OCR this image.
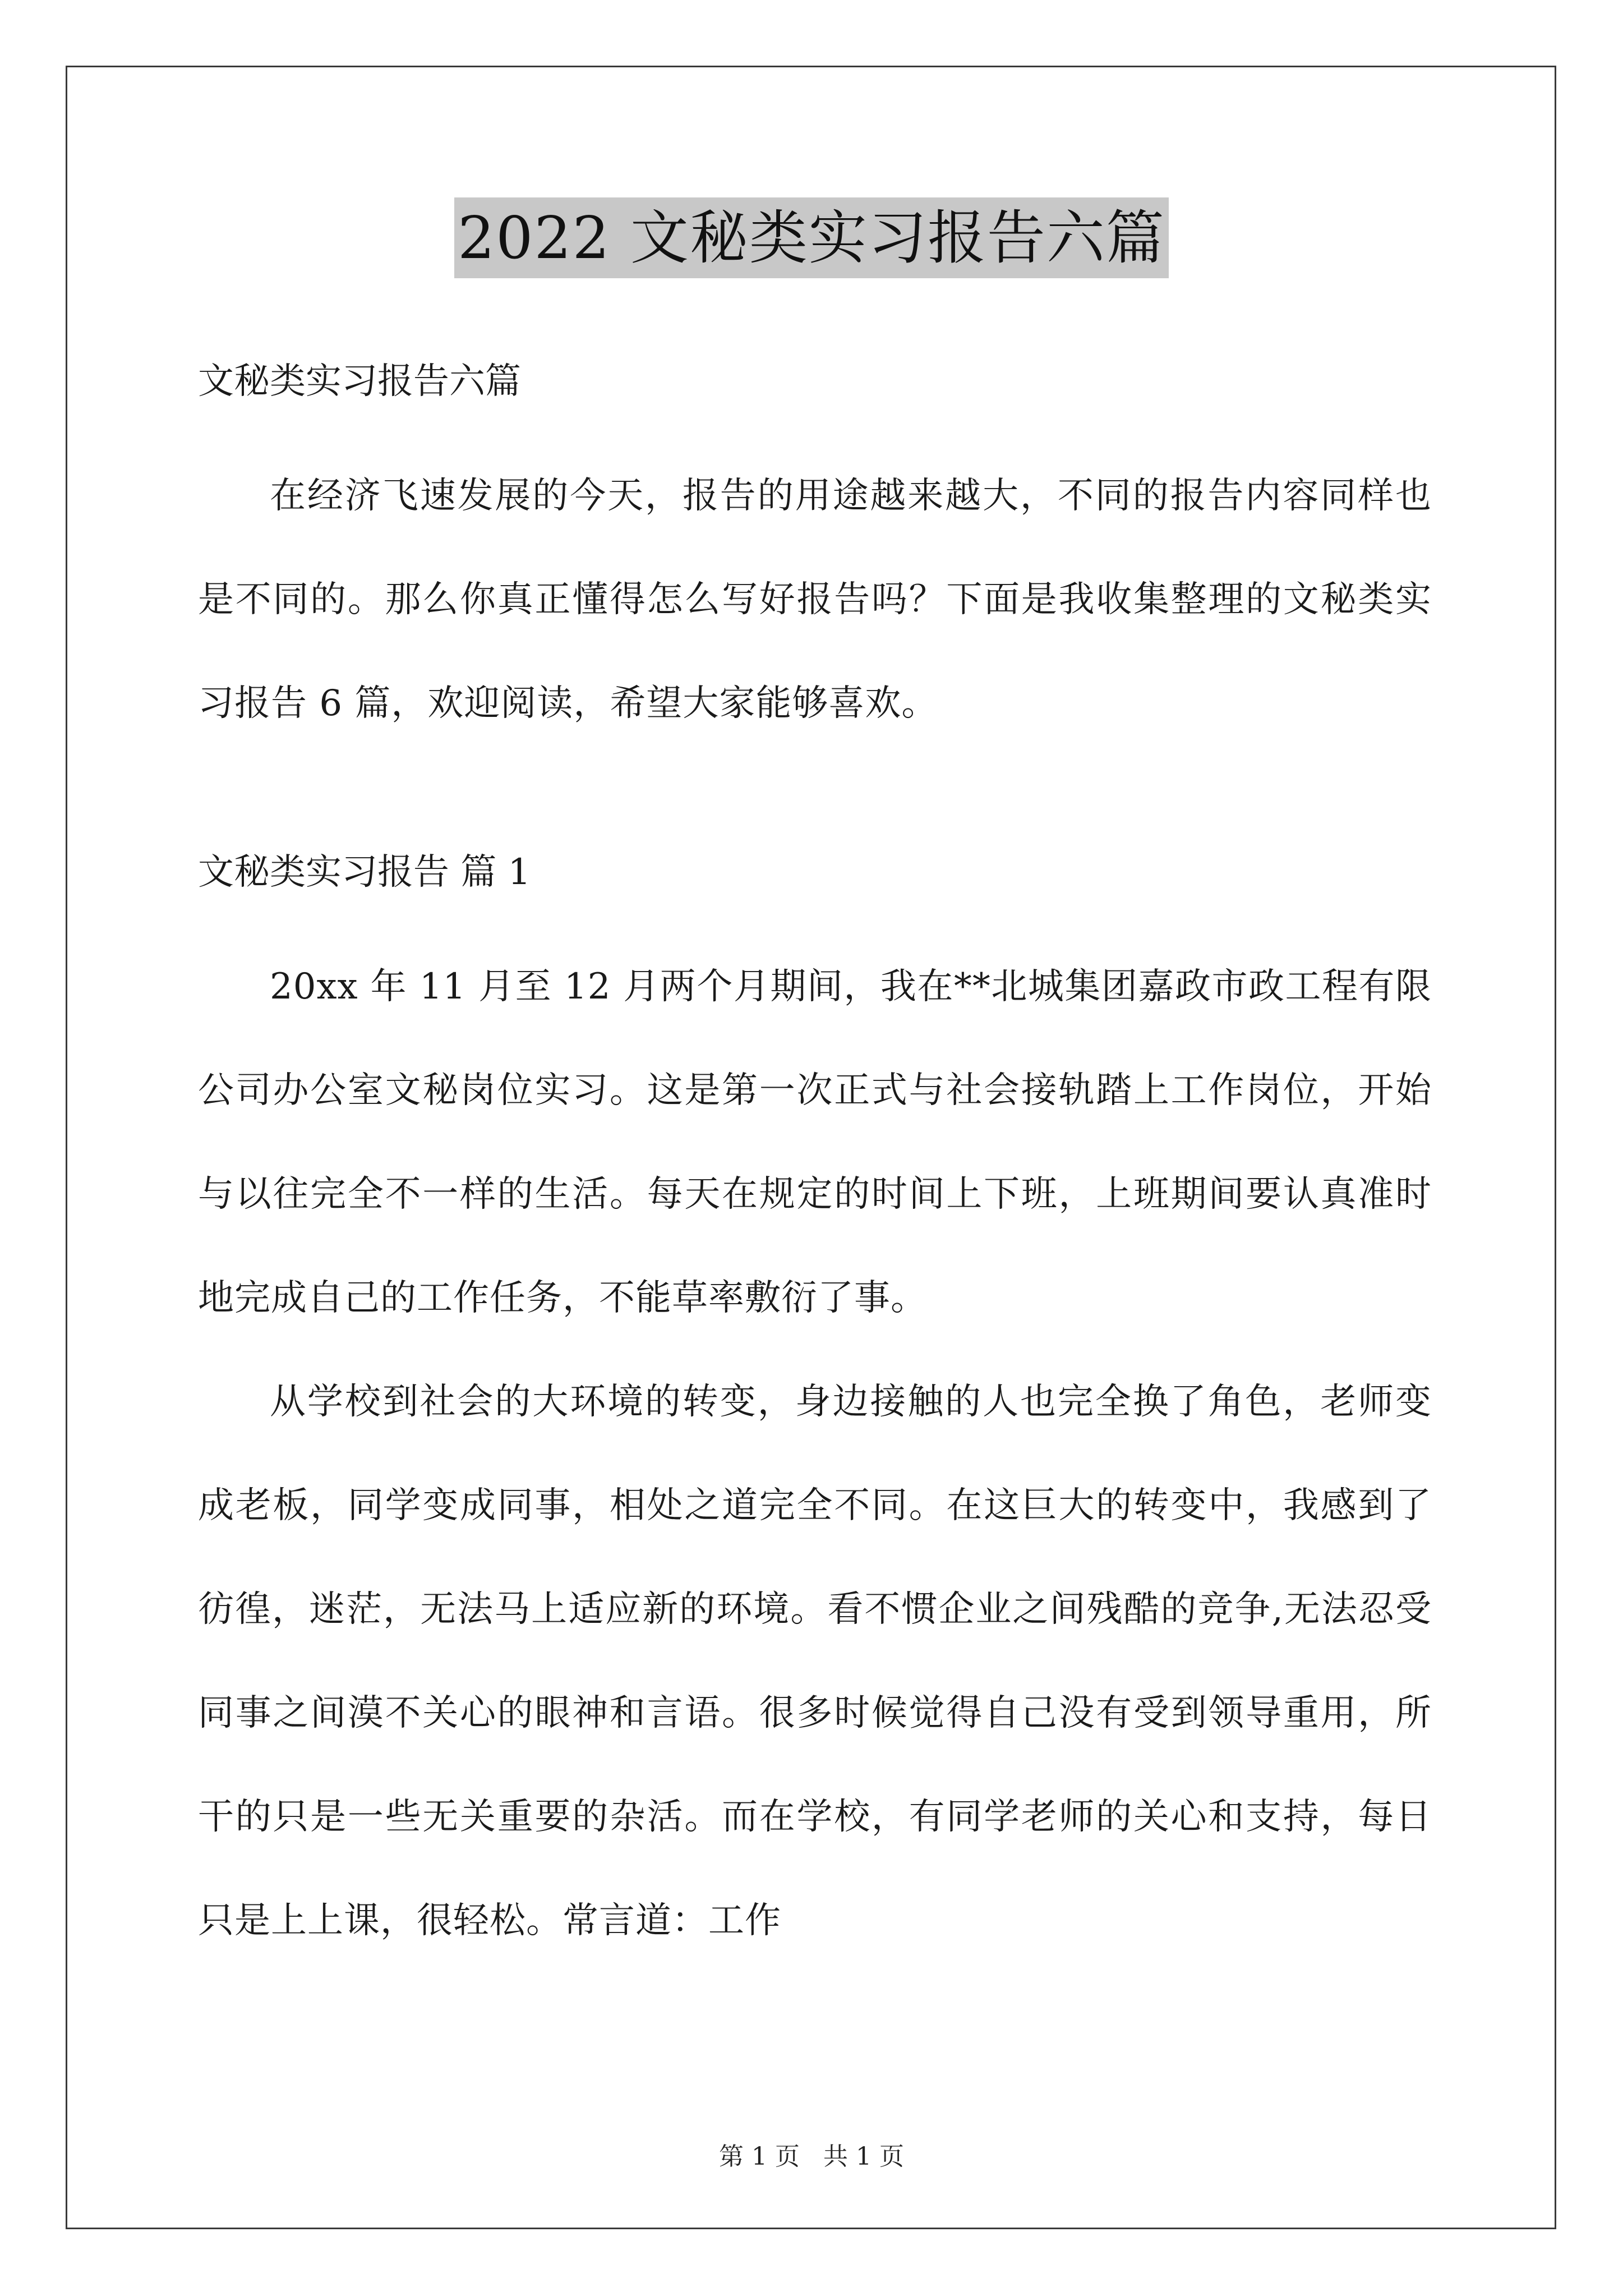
2022 文秘类实习报告六篇

文秘类实习报告六篇

在经济飞速发展的今天，报告的用途越来越大，不同的报告内容同样也是不同的。那么你真正懂得怎么写好报告吗？下面是我收集整理的文秘类实习报告 6 篇，欢迎阅读，希望大家能够喜欢。

文秘类实习报告 篇 1

20xx 年 11 月至 12 月两个月期间，我在**北城集团嘉政市政工程有限公司办公室文秘岗位实习。这是第一次正式与社会接轨踏上工作岗位，开始与以往完全不一样的生活。每天在规定的时间上下班，上班期间要认真准时地完成自己的工作任务，不能草率敷衍了事。

从学校到社会的大环境的转变，身边接触的人也完全换了角色，老师变成老板，同学变成同事，相处之道完全不同。在这巨大的转变中，我感到了彷徨，迷茫，无法马上适应新的环境。看不惯企业之间残酷的竞争,无法忍受同事之间漠不关心的眼神和言语。很多时候觉得自己没有受到领导重用，所干的只是一些无关重要的杂活。而在学校，有同学老师的关心和支持，每日只是上上课，很轻松。常言道：工作

第 1 页 共 1 页
